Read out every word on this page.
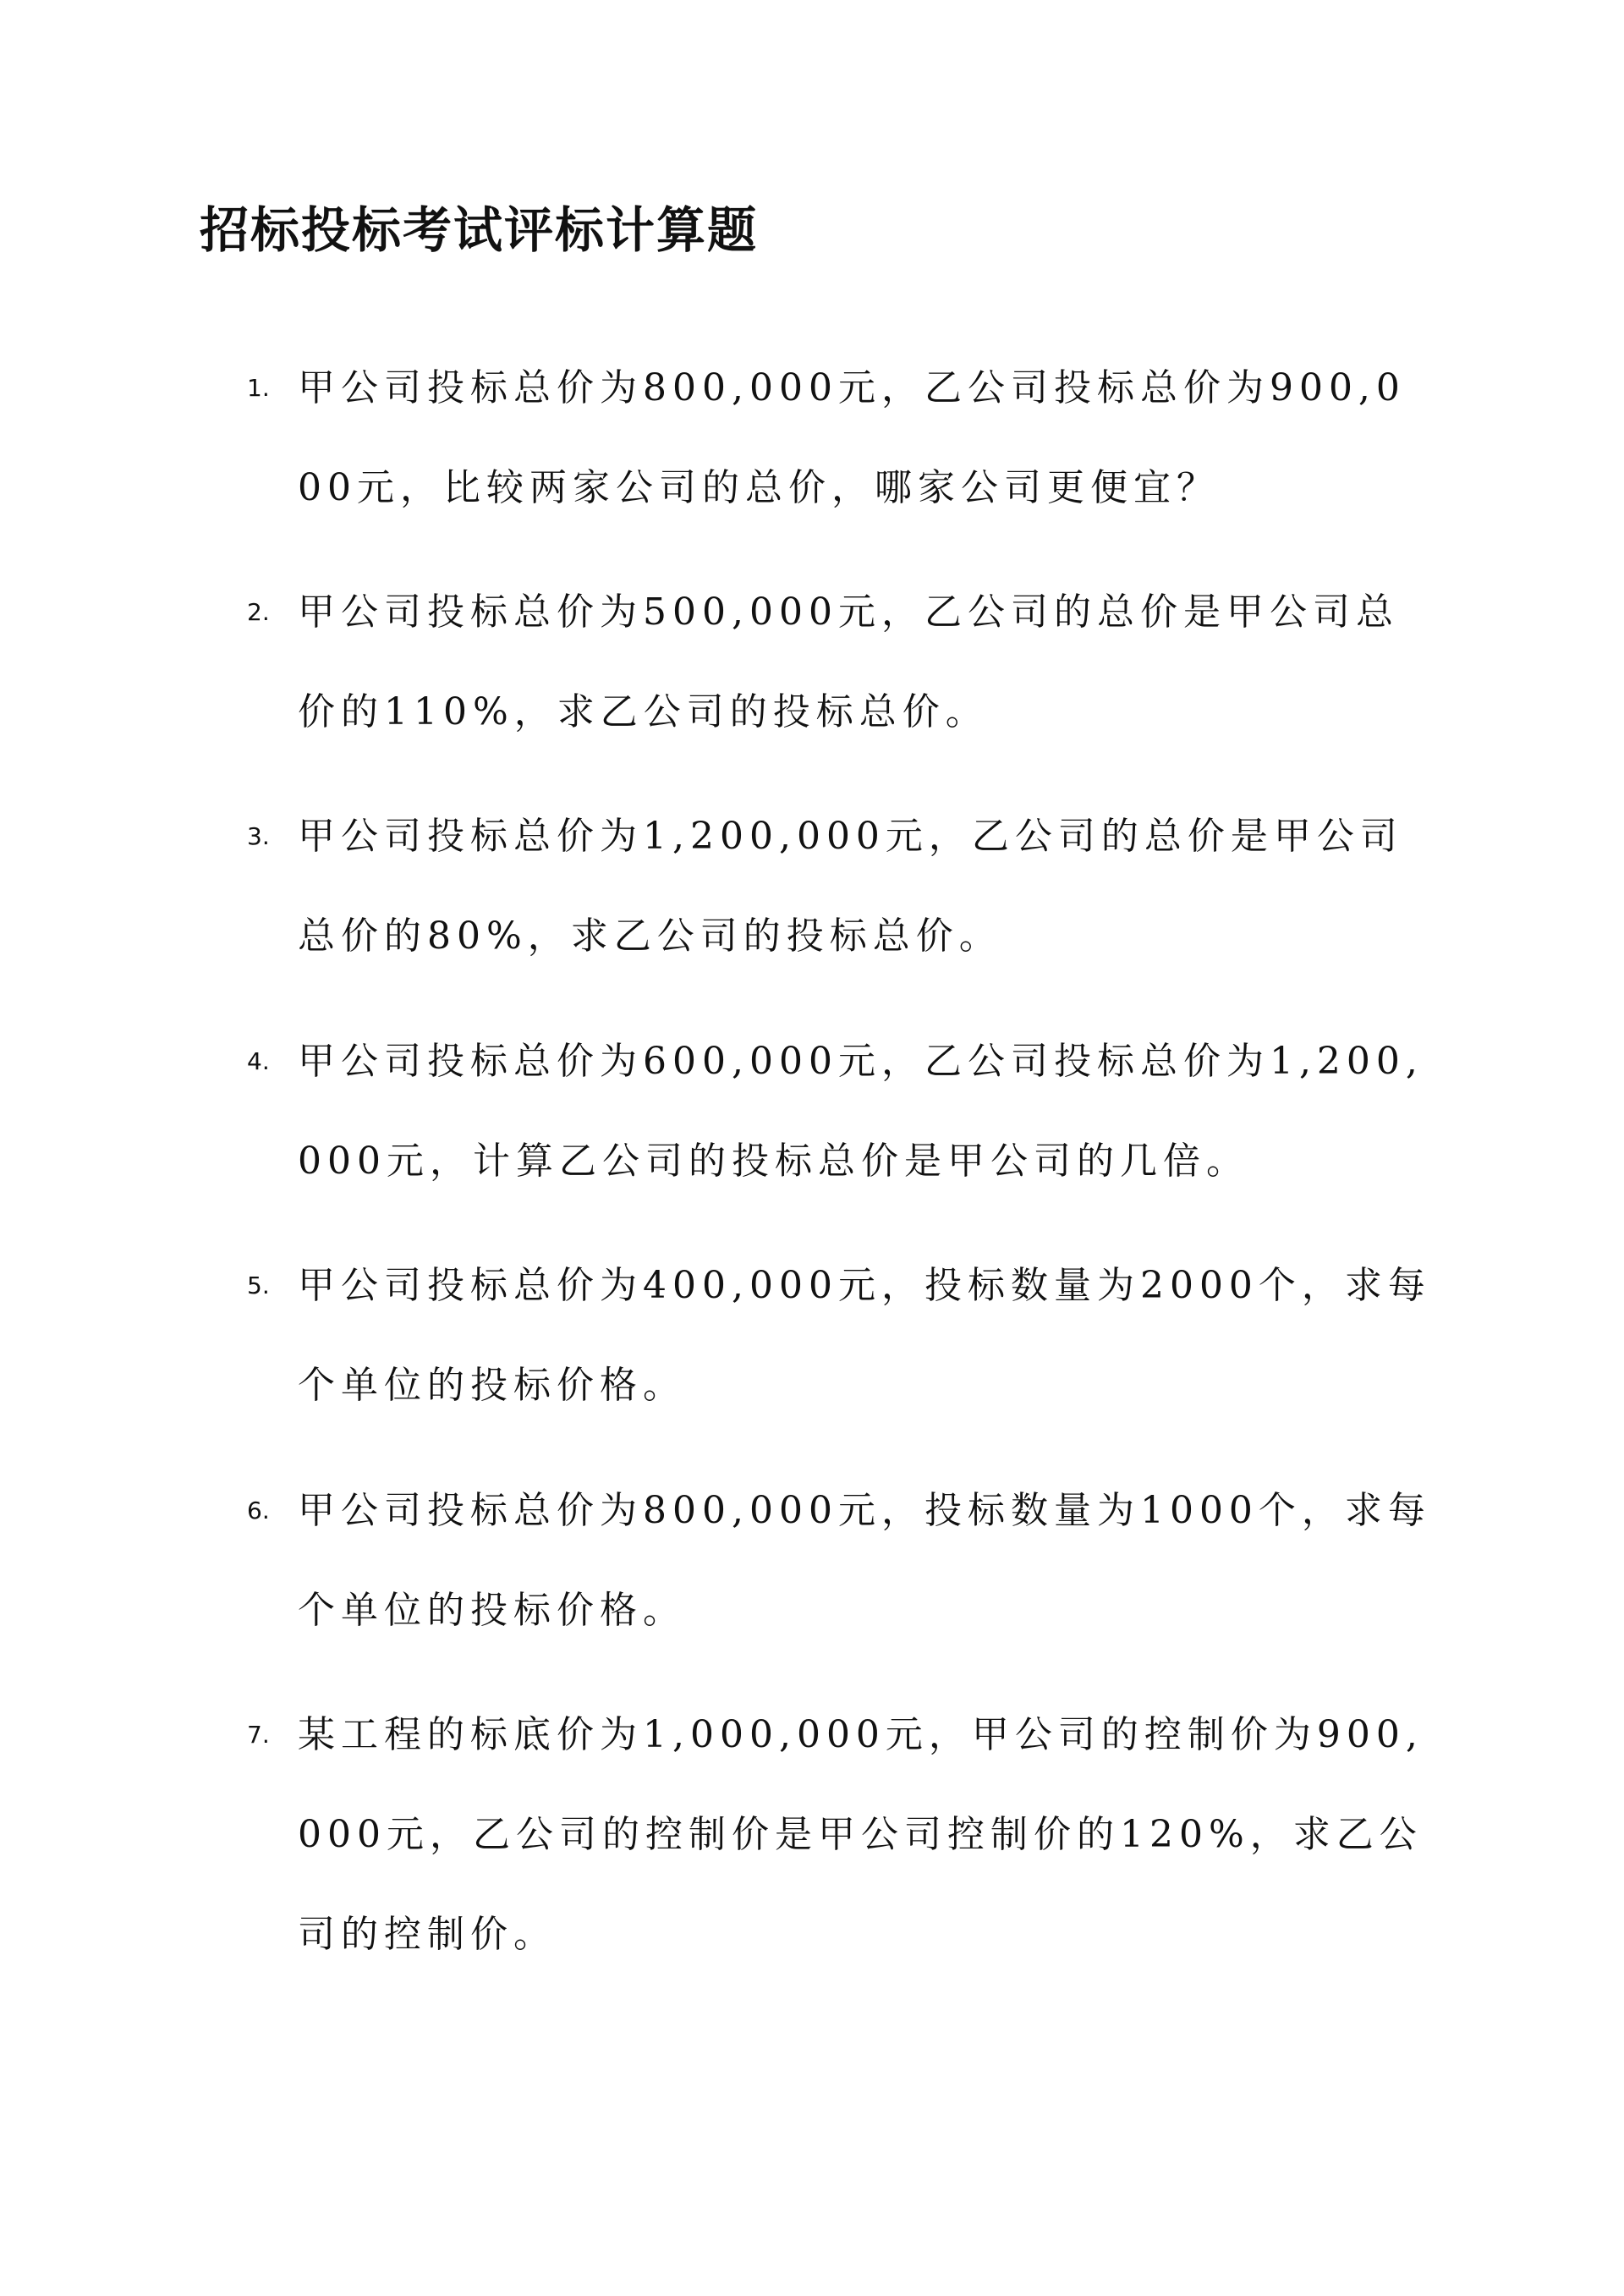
招标投标考试评标计算题
1. 甲公司投标总价为800,000元，乙公司投标总价为900,000元，比较两家公司的总价，哪家公司更便宜？
2. 甲公司投标总价为500,000元，乙公司的总价是甲公司总价的110%，求乙公司的投标总价。
3. 甲公司投标总价为1,200,000元，乙公司的总价是甲公司总价的80%，求乙公司的投标总价。
4. 甲公司投标总价为600,000元，乙公司投标总价为1,200,000元，计算乙公司的投标总价是甲公司的几倍。
5. 甲公司投标总价为400,000元，投标数量为2000个，求每个单位的投标价格。
6. 甲公司投标总价为800,000元，投标数量为1000个，求每个单位的投标价格。
7. 某工程的标底价为1,000,000元，甲公司的控制价为900,000元，乙公司的控制价是甲公司控制价的120%，求乙公司的控制价。
